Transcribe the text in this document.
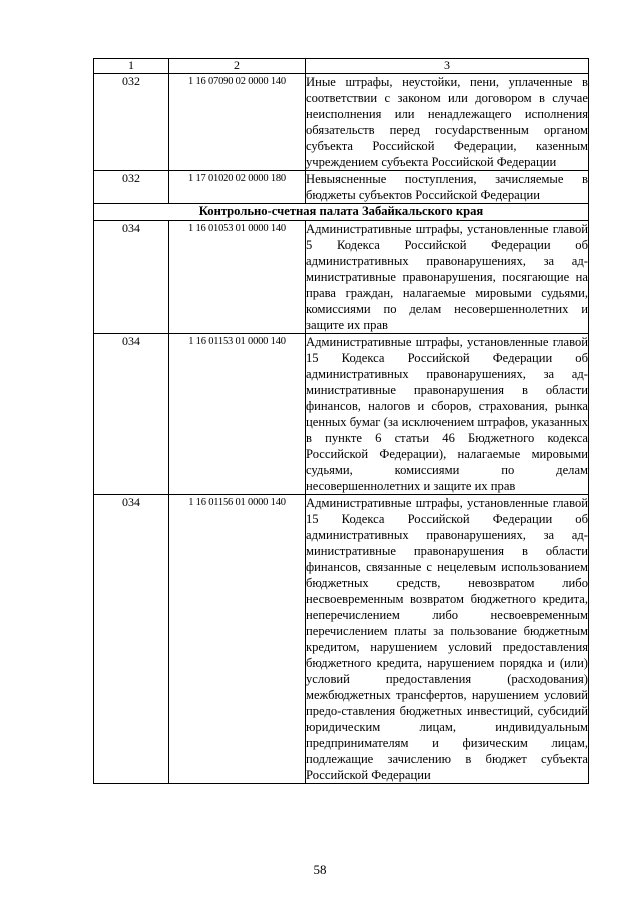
1	2	3
032	1 16 07090 02 0000 140	Иные штрафы, неустойки, пени, уплаченные в соответствии с законом или договором в случае неисполнения или ненадлежащего исполнения обязательств перед госуdарственным органом субъекта Российской Федерации, казенным учреждением субъекта Российской Федерации
032	1 17 01020 02 0000 180	Невыясненные поступления, зачисляемые в бюджеты субъектов Российской Федерации
Контрольно-счетная палата Забайкальского края		
034	1 16 01053 01 0000 140	Административные штрафы, установленные главой 5 Кодекса Российской Федерации об административных правонарушениях, за административные правонарушения, посягающие на права граждан, налагаемые мировыми судьями, комиссиями по делам несовершеннолетних и защите их прав
034	1 16 01153 01 0000 140	Административные штрафы, установленные главой 15 Кодекса Российской Федерации об административных правонарушениях, за административные правонарушения в области финансов, налогов и сборов, страхования, рынка ценных бумаг (за исключением штрафов, указанных в пункте 6 статьи 46 Бюджетного кодекса Российской Федерации), налагаемые мировыми судьями, комиссиями по делам несовершеннолетних и защите их прав
034	1 16 01156 01 0000 140	Административные штрафы, установленные главой 15 Кодекса Российской Федерации об административных правонарушениях, за административные правонарушения в области финансов, связанные с нецелевым использованием бюджетных средств, невозвратом либо несвоевременным возвратом бюджетного кредита, неперечислением либо несвоевременным перечислением платы за пользование бюджетным кредитом, нарушением условий предоставления бюджетного кредита, нарушением порядка и (или) условий предоставления (расходования) межбюджетных трансфертов, нарушением условий предо-ставления бюджетных инвестиций, субсидий юридическим лицам, индивидуальным предпринимателям и физическим лицам, подлежащие зачислению в бюджет субъекта Российской Федерации
58
